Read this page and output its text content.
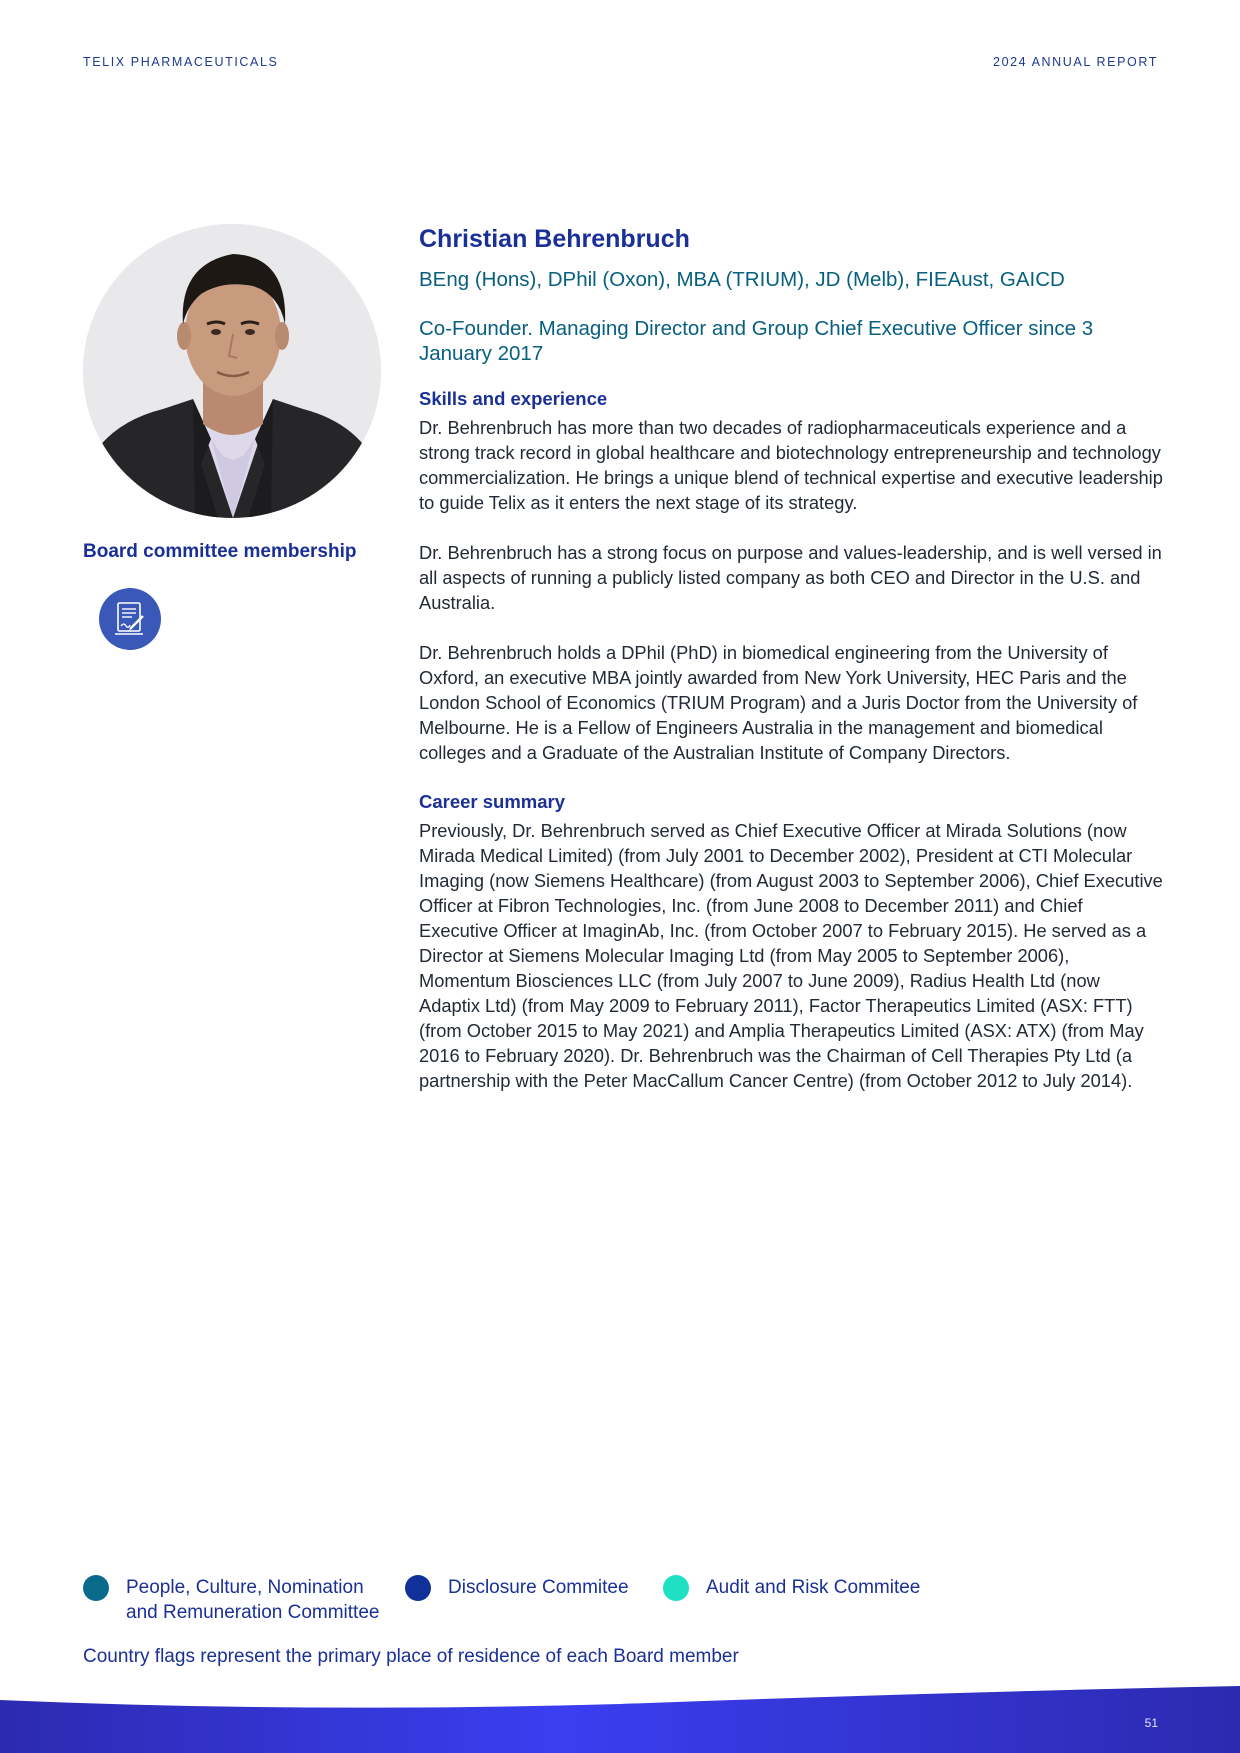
TELIX PHARMACEUTICALS	2024 ANNUAL REPORT
Board committee membership
Christian Behrenbruch

BEng (Hons), DPhil (Oxon), MBA (TRIUM), JD (Melb), FIEAust, GAICD

Co-Founder. Managing Director and Group Chief Executive Officer since 3 January 2017

Skills and experience

Dr. Behrenbruch has more than two decades of radiopharmaceuticals experience and a strong track record in global healthcare and biotechnology entrepreneurship and technology commercialization. He brings a unique blend of technical expertise and executive leadership to guide Telix as it enters the next stage of its strategy.

Dr. Behrenbruch has a strong focus on purpose and values-leadership, and is well versed in all aspects of running a publicly listed company as both CEO and Director in the U.S. and Australia.

Dr. Behrenbruch holds a DPhil (PhD) in biomedical engineering from the University of Oxford, an executive MBA jointly awarded from New York University, HEC Paris and the London School of Economics (TRIUM Program) and a Juris Doctor from the University of Melbourne. He is a Fellow of Engineers Australia in the management and biomedical colleges and a Graduate of the Australian Institute of Company Directors.

Career summary

Previously, Dr. Behrenbruch served as Chief Executive Officer at Mirada Solutions (now Mirada Medical Limited) (from July 2001 to December 2002), President at CTI Molecular Imaging (now Siemens Healthcare) (from August 2003 to September 2006), Chief Executive Officer at Fibron Technologies, Inc. (from June 2008 to December 2011) and Chief Executive Officer at ImaginAb, Inc. (from October 2007 to February 2015). He served as a Director at Siemens Molecular Imaging Ltd (from May 2005 to September 2006), Momentum Biosciences LLC (from July 2007 to June 2009), Radius Health Ltd (now Adaptix Ltd) (from May 2009 to February 2011), Factor Therapeutics Limited (ASX: FTT) (from October 2015 to May 2021) and Amplia Therapeutics Limited (ASX: ATX) (from May 2016 to February 2020). Dr. Behrenbruch was the Chairman of Cell Therapies Pty Ltd (a partnership with the Peter MacCallum Cancer Centre) (from October 2012 to July 2014).

People, Culture, Nomination and Remuneration Committee
Disclosure Commitee	Audit and Risk Commitee

Country flags represent the primary place of residence of each Board member

51
